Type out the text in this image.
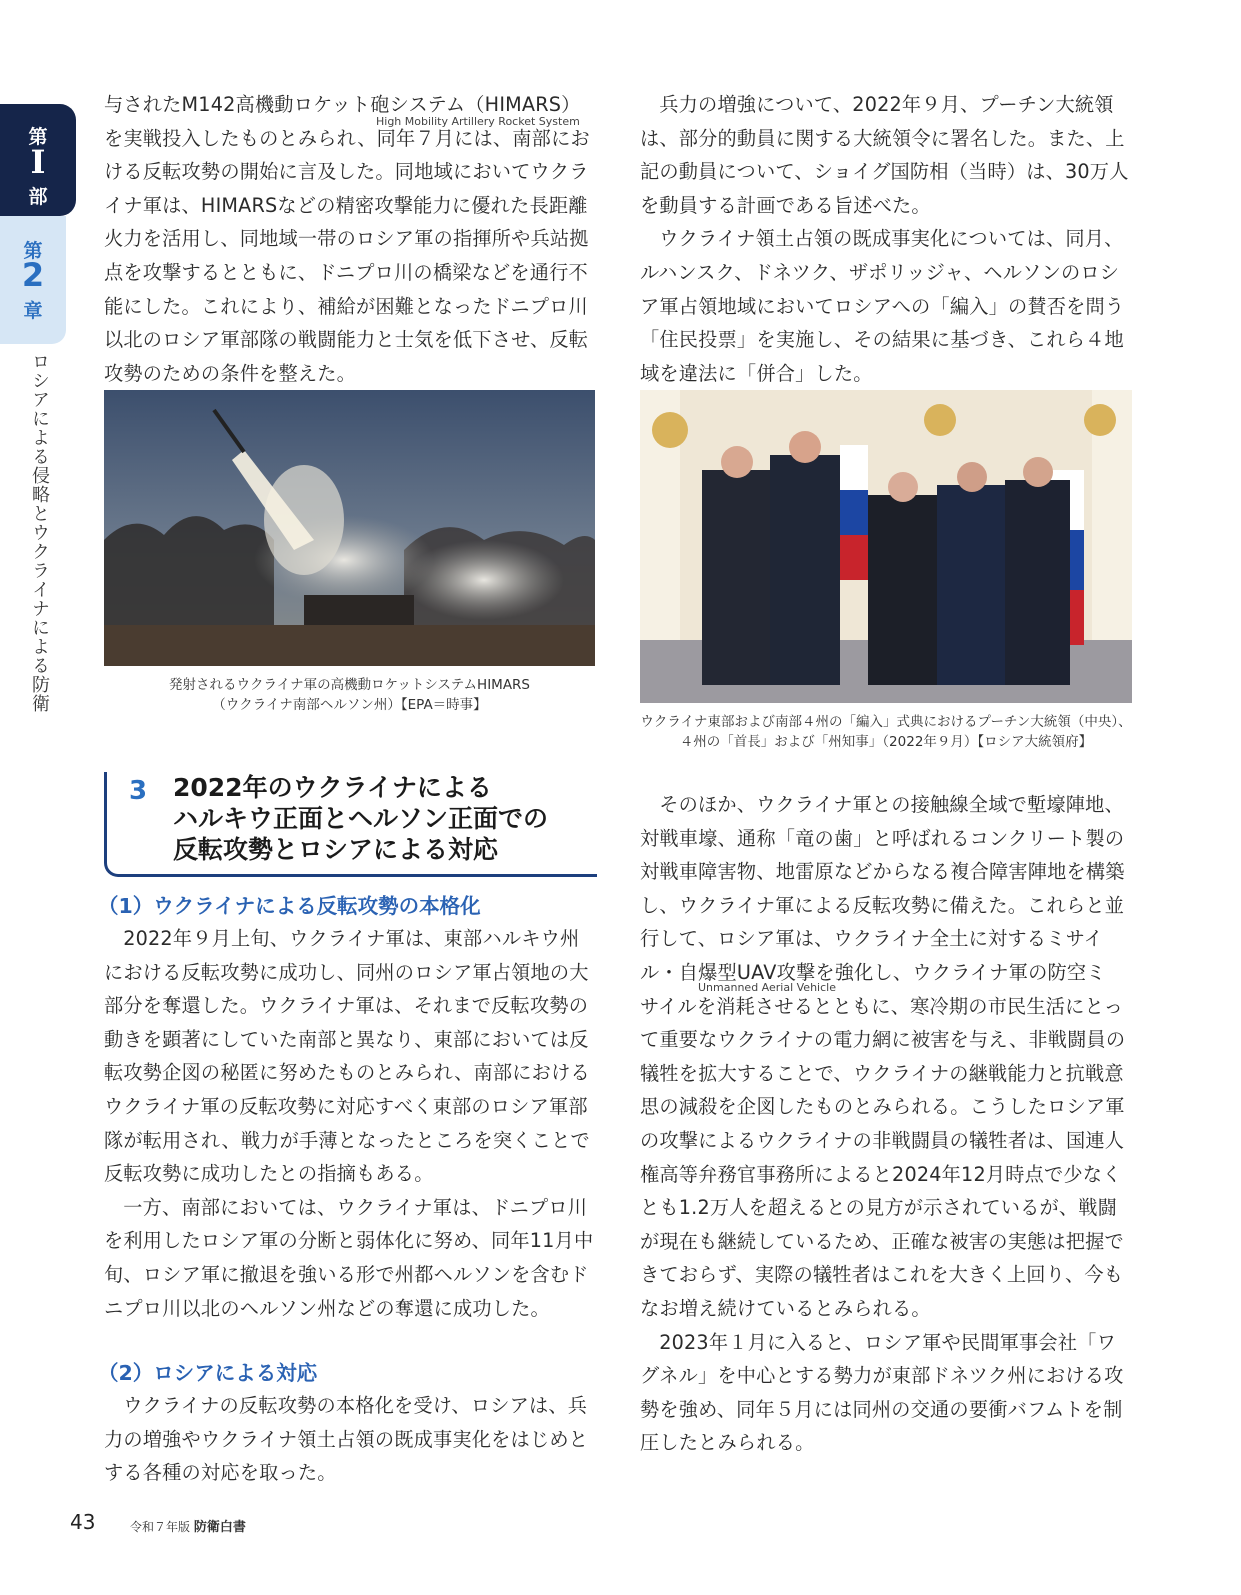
第
I
部
第
2
章
ロシアによる侵略とウクライナによる防衛

与されたM142高機動ロケット砲システム（HIMARS）

High Mobility Artillery Rocket System
を実戦投入したものとみられ、同年７月には、南部にお

ける反転攻勢の開始に言及した。同地域においてウクライナ軍は、HIMARSなどの精密攻撃能力に優れた長距離火力を活用し、同地域一帯のロシア軍の指揮所や兵站拠点を攻撃するとともに、ドニプロ川の橋梁などを通行不能にした。これにより、補給が困難となったドニプロ川以北のロシア軍部隊の戦闘能力と士気を低下させ、反転攻勢のための条件を整えた。

発射されるウクライナ軍の高機動ロケットシステムHIMARS
（ウクライナ南部ヘルソン州）【EPA＝時事】
3 2022年のウクライナによる
ハルキウ正面とヘルソン正面での
反転攻勢とロシアによる対応
（1）ウクライナによる反転攻勢の本格化

2022年９月上旬、ウクライナ軍は、東部ハルキウ州における反転攻勢に成功し、同州のロシア軍占領地の大部分を奪還した。ウクライナ軍は、それまで反転攻勢の動きを顕著にしていた南部と異なり、東部においては反転攻勢企図の秘匿に努めたものとみられ、南部におけるウクライナ軍の反転攻勢に対応すべく東部のロシア軍部隊が転用され、戦力が手薄となったところを突くことで反転攻勢に成功したとの指摘もある。

一方、南部においては、ウクライナ軍は、ドニプロ川を利用したロシア軍の分断と弱体化に努め、同年11月中旬、ロシア軍に撤退を強いる形で州都ヘルソンを含むドニプロ川以北のヘルソン州などの奪還に成功した。

（2）ロシアによる対応

ウクライナの反転攻勢の本格化を受け、ロシアは、兵力の増強やウクライナ領土占領の既成事実化をはじめとする各種の対応を取った。

兵力の増強について、2022年９月、プーチン大統領は、部分的動員に関する大統領令に署名した。また、上記の動員について、ショイグ国防相（当時）は、30万人を動員する計画である旨述べた。

ウクライナ領土占領の既成事実化については、同月、ルハンスク、ドネツク、ザポリッジャ、ヘルソンのロシア軍占領地域においてロシアへの「編入」の賛否を問う「住民投票」を実施し、その結果に基づき、これら４地域を違法に「併合」した。

ウクライナ東部および南部４州の「編入」式典におけるプーチン大統領（中央）、
４州の「首長」および「州知事」（2022年９月）【ロシア大統領府】

そのほか、ウクライナ軍との接触線全域で塹壕陣地、対戦車壕、通称「竜の歯」と呼ばれるコンクリート製の対戦車障害物、地雷原などからなる複合障害陣地を構築し、ウクライナ軍による反転攻勢に備えた。これらと並行して、ロシア軍は、ウクライナ全土に対するミサイル・自爆型UAV攻撃を強化し、ウクライナ軍の防空ミ

Unmanned Aerial Vehicle
サイルを消耗させるとともに、寒冷期の市民生活にとって重要なウクライナの電力網に被害を与え、非戦闘員の犠牲を拡大することで、ウクライナの継戦能力と抗戦意思の減殺を企図したものとみられる。こうしたロシア軍の攻撃によるウクライナの非戦闘員の犠牲者は、国連人権高等弁務官事務所によると2024年12月時点で少なくとも1.2万人を超えるとの見方が示されているが、戦闘が現在も継続しているため、正確な被害の実態は把握できておらず、実際の犠牲者はこれを大きく上回り、今もなお増え続けているとみられる。

2023年１月に入ると、ロシア軍や民間軍事会社「ワグネル」を中心とする勢力が東部ドネツク州における攻勢を強め、同年５月には同州の交通の要衝バフムトを制圧したとみられる。

43	令和７年版 防衛白書
